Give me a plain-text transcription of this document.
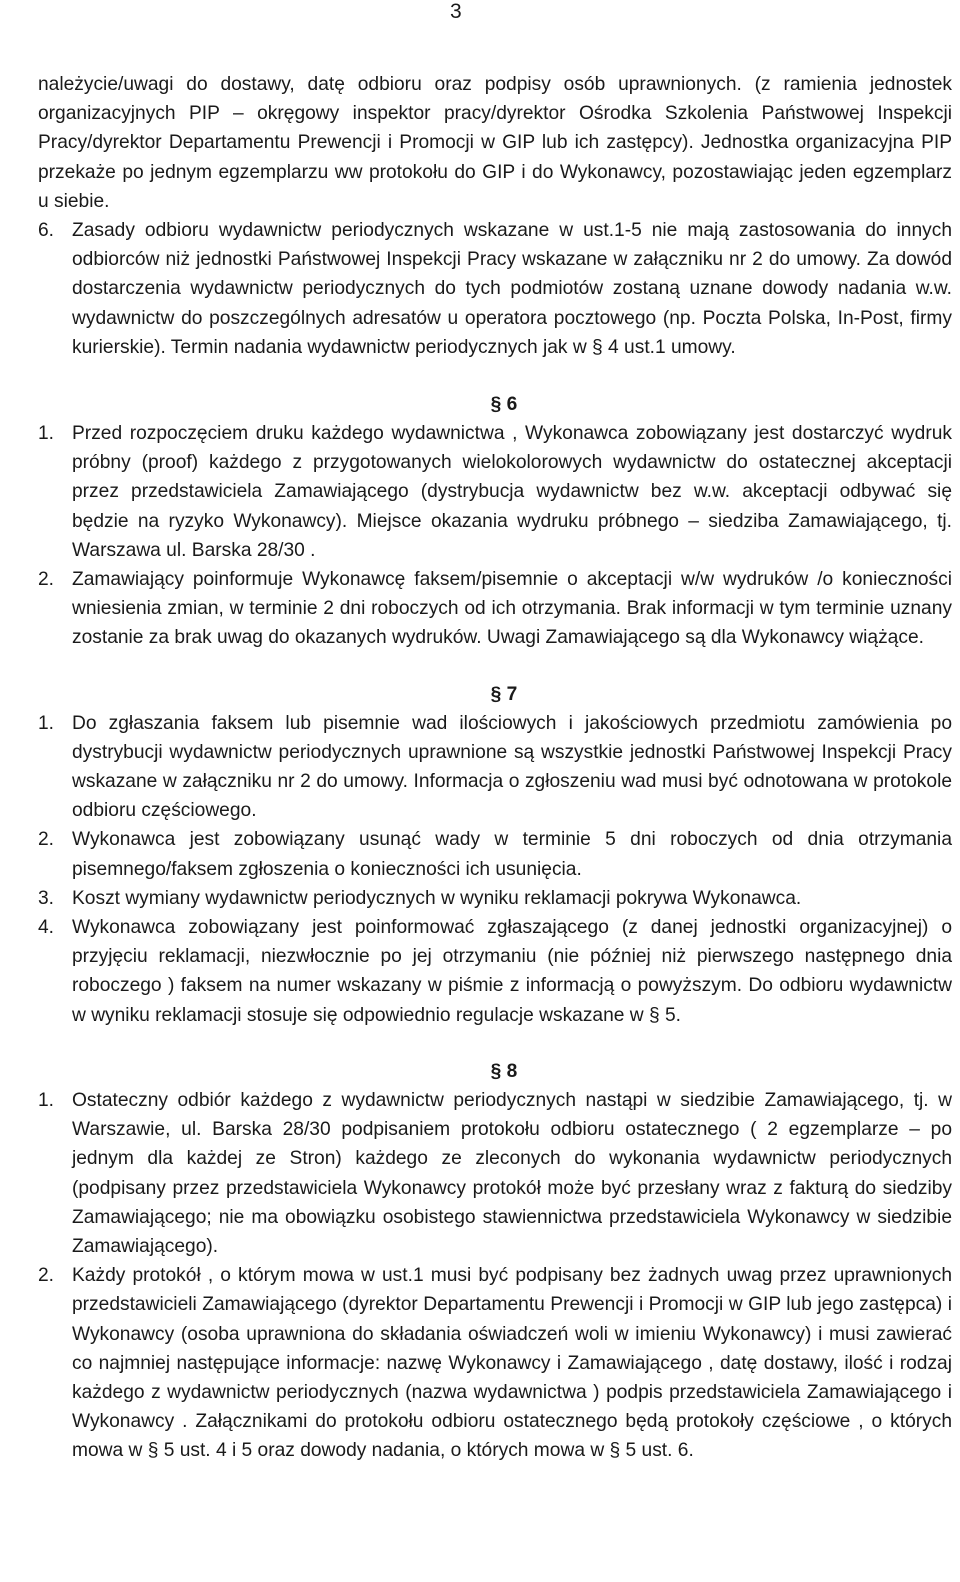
3

należycie/uwagi do dostawy, datę odbioru oraz podpisy osób uprawnionych. (z ramienia jednostek organizacyjnych PIP – okręgowy inspektor pracy/dyrektor Ośrodka Szkolenia Państwowej Inspekcji Pracy/dyrektor Departamentu Prewencji i Promocji w GIP lub ich zastępcy). Jednostka organizacyjna PIP przekaże po jednym egzemplarzu ww protokołu do GIP i do Wykonawcy, pozostawiając jeden egzemplarz u siebie.

6. Zasady odbioru wydawnictw periodycznych wskazane w ust.1-5 nie mają zastosowania do innych odbiorców niż jednostki Państwowej Inspekcji Pracy wskazane w załączniku nr 2 do umowy. Za dowód dostarczenia wydawnictw periodycznych do tych podmiotów zostaną uznane dowody nadania w.w. wydawnictw do poszczególnych adresatów u operatora pocztowego (np. Poczta Polska, In-Post, firmy kurierskie). Termin nadania wydawnictw periodycznych jak w § 4 ust.1 umowy.
§ 6
1. Przed rozpoczęciem druku każdego wydawnictwa , Wykonawca zobowiązany jest dostarczyć wydruk próbny (proof) każdego z przygotowanych wielokolorowych wydawnictw do ostatecznej akceptacji przez przedstawiciela Zamawiającego (dystrybucja wydawnictw bez w.w. akceptacji odbywać się będzie na ryzyko Wykonawcy). Miejsce okazania wydruku próbnego – siedziba Zamawiającego, tj. Warszawa ul. Barska 28/30 .
2. Zamawiający poinformuje Wykonawcę faksem/pisemnie o akceptacji w/w wydruków /o konieczności wniesienia zmian, w terminie 2 dni roboczych od ich otrzymania. Brak informacji w tym terminie uznany zostanie za brak uwag do okazanych wydruków. Uwagi Zamawiającego są dla Wykonawcy wiążące.
§ 7
1. Do zgłaszania faksem lub pisemnie wad ilościowych i jakościowych przedmiotu zamówienia po dystrybucji wydawnictw periodycznych uprawnione są wszystkie jednostki Państwowej Inspekcji Pracy wskazane w załączniku nr 2 do umowy. Informacja o zgłoszeniu wad musi być odnotowana w protokole odbioru częściowego.
2. Wykonawca jest zobowiązany usunąć wady w terminie 5 dni roboczych od dnia otrzymania pisemnego/faksem zgłoszenia o konieczności ich usunięcia.
3. Koszt wymiany wydawnictw periodycznych w wyniku reklamacji pokrywa Wykonawca.
4. Wykonawca zobowiązany jest poinformować zgłaszającego (z danej jednostki organizacyjnej) o przyjęciu reklamacji, niezwłocznie po jej otrzymaniu (nie później niż pierwszego następnego dnia roboczego ) faksem na numer wskazany w piśmie z informacją o powyższym. Do odbioru wydawnictw w wyniku reklamacji stosuje się odpowiednio regulacje wskazane w § 5.
§ 8
1. Ostateczny odbiór każdego z wydawnictw periodycznych nastąpi w siedzibie Zamawiającego, tj. w Warszawie, ul. Barska 28/30 podpisaniem protokołu odbioru ostatecznego ( 2 egzemplarze – po jednym dla każdej ze Stron) każdego ze zleconych do wykonania wydawnictw periodycznych (podpisany przez przedstawiciela Wykonawcy protokół może być przesłany wraz z fakturą do siedziby Zamawiającego; nie ma obowiązku osobistego stawiennictwa przedstawiciela Wykonawcy w siedzibie Zamawiającego).
2. Każdy protokół , o którym mowa w ust.1 musi być podpisany bez żadnych uwag przez uprawnionych przedstawicieli Zamawiającego (dyrektor Departamentu Prewencji i Promocji w GIP lub jego zastępca) i Wykonawcy (osoba uprawniona do składania oświadczeń woli w imieniu Wykonawcy) i musi zawierać co najmniej następujące informacje: nazwę Wykonawcy i Zamawiającego , datę dostawy, ilość i rodzaj każdego z wydawnictw periodycznych (nazwa wydawnictwa ) podpis przedstawiciela Zamawiającego i Wykonawcy . Załącznikami do protokołu odbioru ostatecznego będą protokoły częściowe , o których mowa w § 5 ust. 4 i 5 oraz dowody nadania, o których mowa w § 5 ust. 6.
